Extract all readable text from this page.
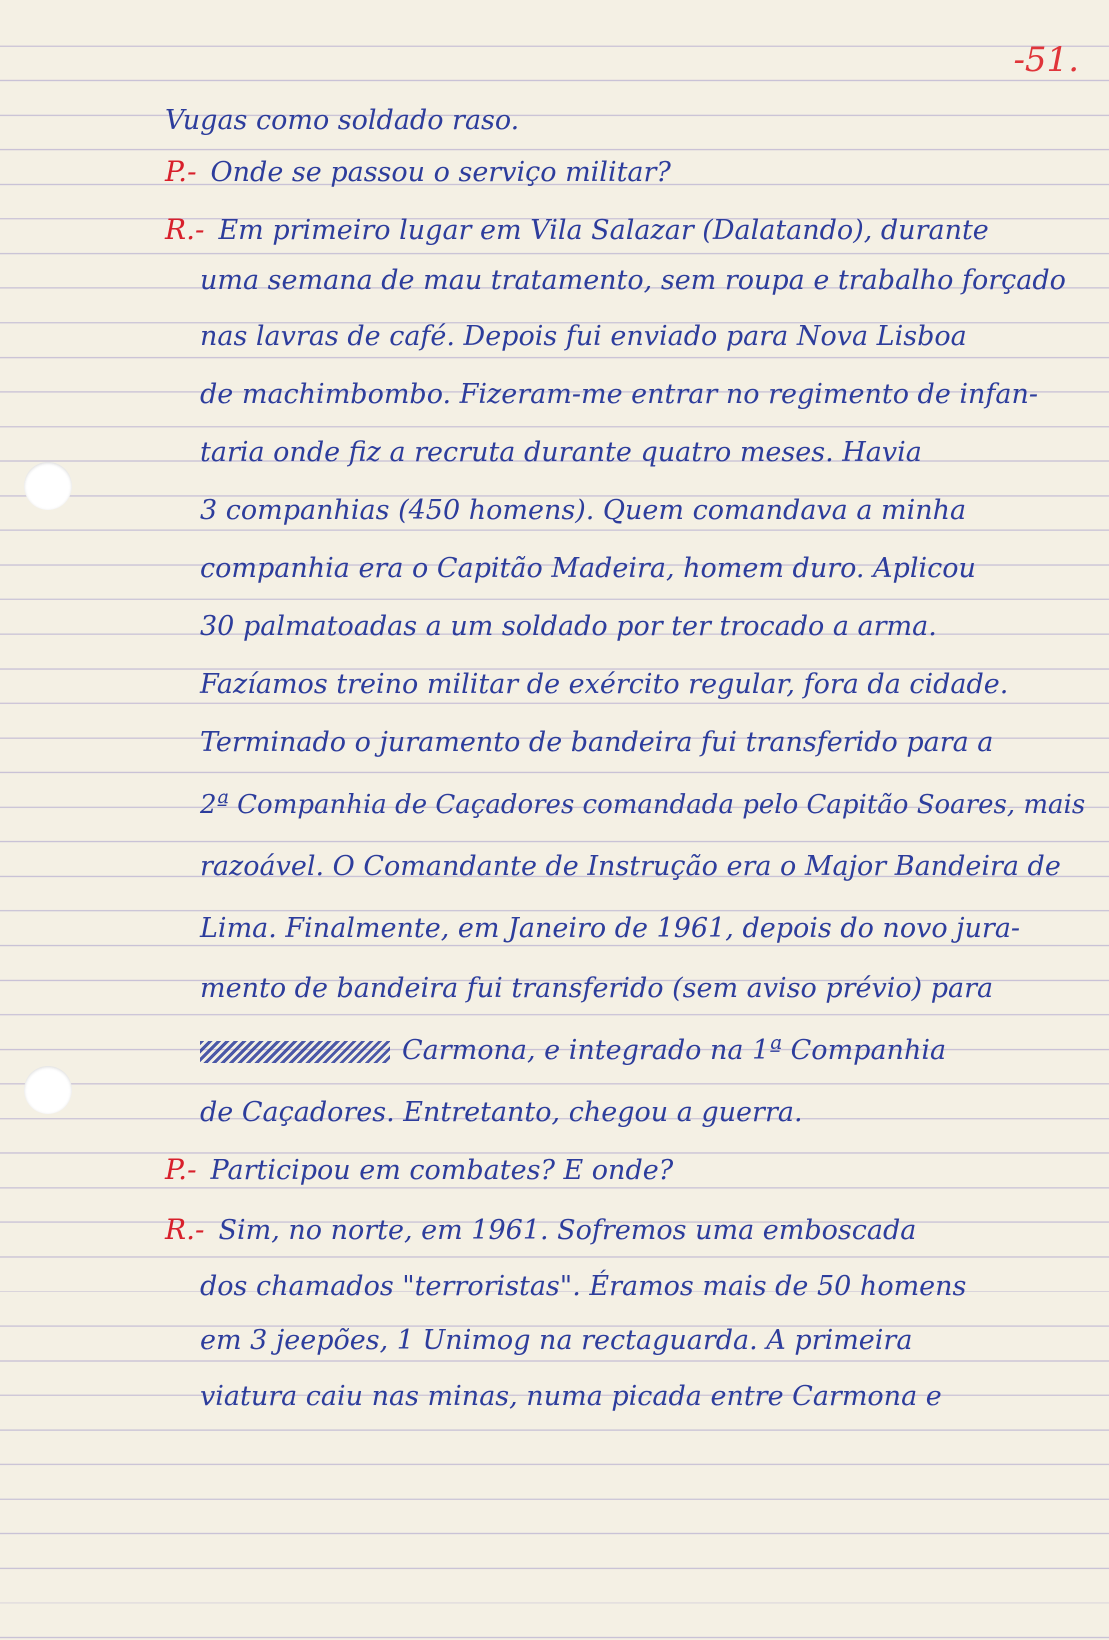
-51.
Vugas como soldado raso.
P.- Onde se passou o serviço militar?
R.- Em primeiro lugar em Vila Salazar (Dalatando), durante
uma semana de mau tratamento, sem roupa e trabalho forçado
nas lavras de café. Depois fui enviado para Nova Lisboa
de machimbombo. Fizeram-me entrar no regimento de infan-
taria onde fiz a recruta durante quatro meses. Havia
3 companhias (450 homens). Quem comandava a minha
companhia era o Capitão Madeira, homem duro. Aplicou
30 palmatoadas a um soldado por ter trocado a arma.
Fazíamos treino militar de exército regular, fora da cidade.
Terminado o juramento de bandeira fui transferido para a
2ª Companhia de Caçadores comandada pelo Capitão Soares, mais
razoável. O Comandante de Instrução era o Major Bandeira de
Lima. Finalmente, em Janeiro de 1961, depois do novo jura-
mento de bandeira fui transferido (sem aviso prévio) para
Carmona, e integrado na 1ª Companhia
de Caçadores. Entretanto, chegou a guerra.
P.- Participou em combates? E onde?
R.- Sim, no norte, em 1961. Sofremos uma emboscada
dos chamados "terroristas". Éramos mais de 50 homens
em 3 jeepões, 1 Unimog na rectaguarda. A primeira
viatura caiu nas minas, numa picada entre Carmona e
